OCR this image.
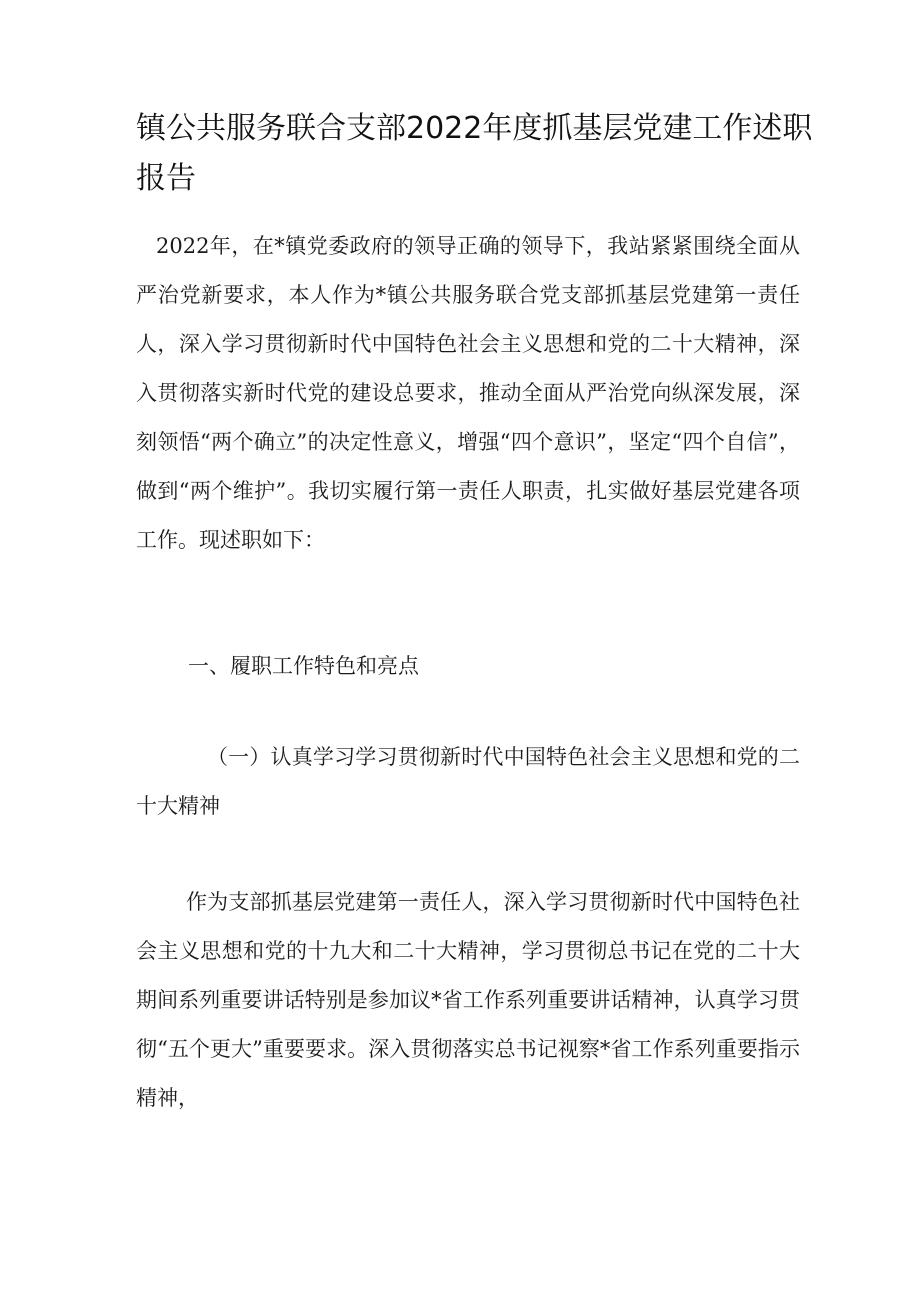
镇公共服务联合支部2022年度抓基层党建工作述职报告

2022年，在*镇党委政府的领导正确的领导下，我站紧紧围绕全面从严治党新要求，本人作为*镇公共服务联合党支部抓基层党建第一责任人，深入学习贯彻新时代中国特色社会主义思想和党的二十大精神，深入贯彻落实新时代党的建设总要求，推动全面从严治党向纵深发展，深刻领悟“两个确立”的决定性意义，增强“四个意识”，坚定“四个自信”，做到“两个维护”。我切实履行第一责任人职责，扎实做好基层党建各项工作。现述职如下：

一、履职工作特色和亮点

（一）认真学习学习贯彻新时代中国特色社会主义思想和党的二十大精神

作为支部抓基层党建第一责任人，深入学习贯彻新时代中国特色社会主义思想和党的十九大和二十大精神，学习贯彻总书记在党的二十大期间系列重要讲话特别是参加议*省工作系列重要讲话精神，认真学习贯彻“五个更大”重要要求。深入贯彻落实总书记视察*省工作系列重要指示精神，
